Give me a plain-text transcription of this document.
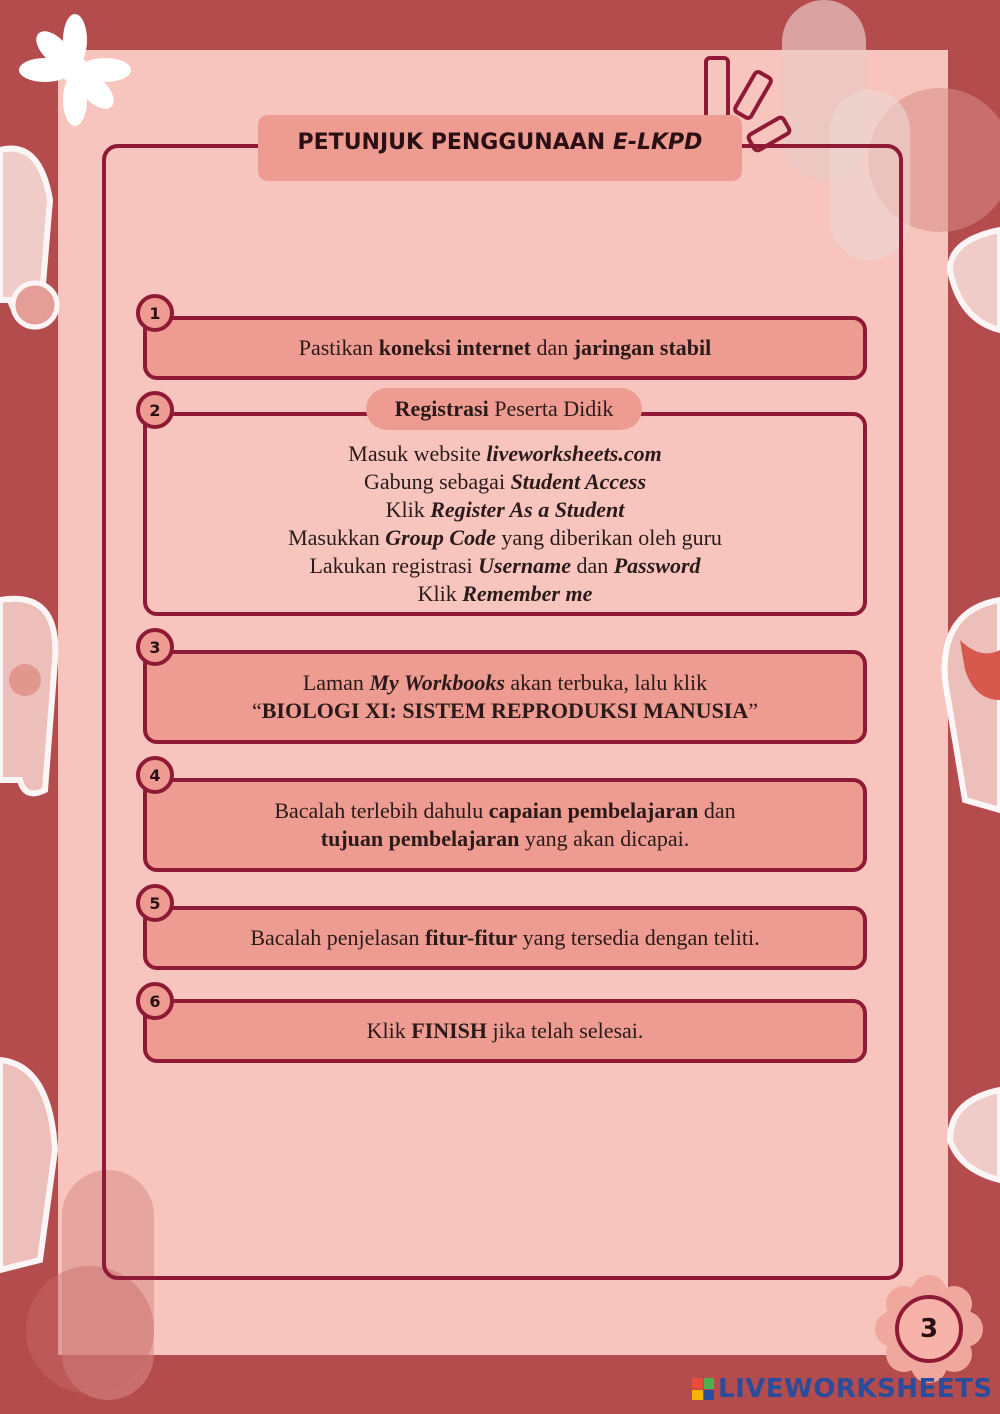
PETUNJUK PENGGUNAAN E-LKPD
Pastikan koneksi internet dan jaringan stabil
Masuk website liveworksheets.com
Gabung sebagai Student Access
Klik Register As a Student
Masukkan Group Code yang diberikan oleh guru
Lakukan registrasi Username dan Password
Klik Remember me
Registrasi Peserta Didik
Laman My Workbooks akan terbuka, lalu klik
“BIOLOGI XI: SISTEM REPRODUKSI MANUSIA”
Bacalah terlebih dahulu capaian pembelajaran dan
tujuan pembelajaran yang akan dicapai.
Bacalah penjelasan fitur-fitur yang tersedia dengan teliti.
Klik FINISH jika telah selesai.
1
2
3
4
5
6
3
LIVEWORKSHEETS
